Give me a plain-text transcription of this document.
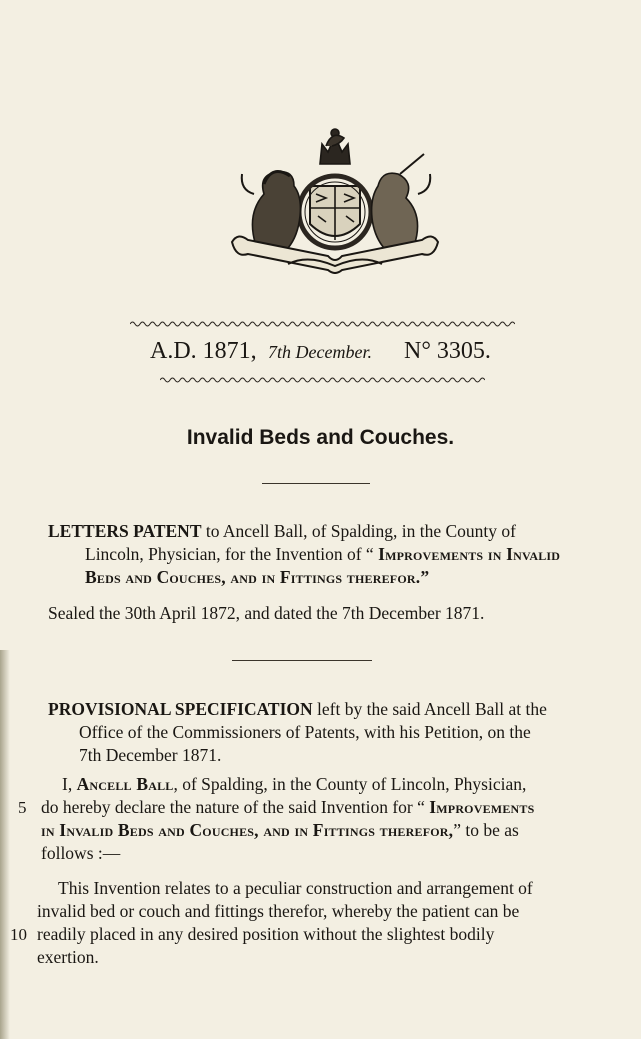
A.D. 1871, 7th December. N° 3305.
Invalid Beds and Couches.
LETTERS PATENT to Ancell Ball, of Spalding, in the County of
Lincoln, Physician, for the Invention of “ Improvements in Invalid
Beds and Couches, and in Fittings therefor.”
Sealed the 30th April 1872, and dated the 7th December 1871.
PROVISIONAL SPECIFICATION left by the said Ancell Ball at the
Office of the Commissioners of Patents, with his Petition, on the
7th December 1871.
I, Ancell Ball, of Spalding, in the County of Lincoln, Physician,
do hereby declare the nature of the said Invention for “ Improvements
in Invalid Beds and Couches, and in Fittings therefor,” to be as
follows :—
This Invention relates to a peculiar construction and arrangement of
invalid bed or couch and fittings therefor, whereby the patient can be
readily placed in any desired position without the slightest bodily
exertion.
5
10
